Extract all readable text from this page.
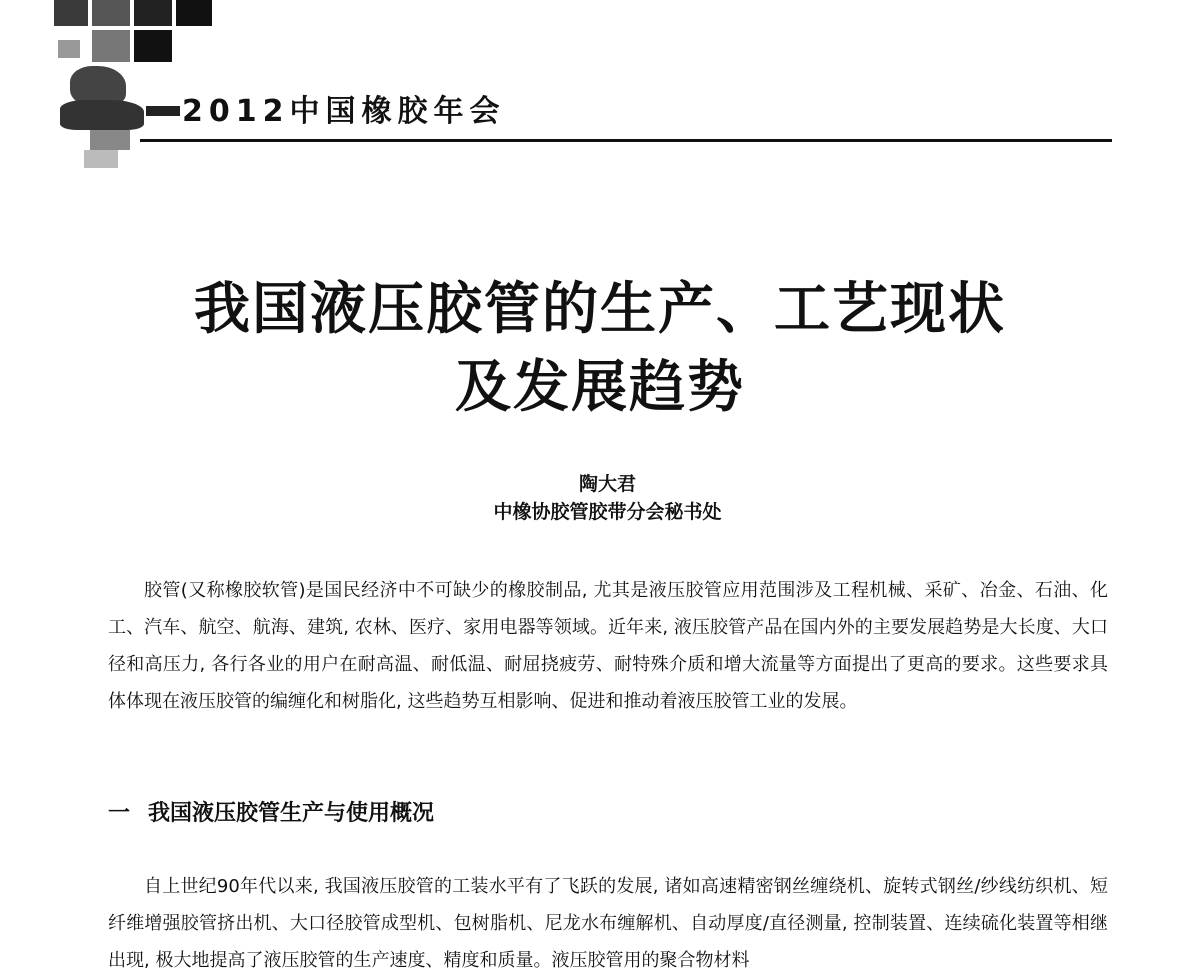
2012中国橡胶年会
我国液压胶管的生产、工艺现状
及发展趋势
陶大君
中橡协胶管胶带分会秘书处

胶管(又称橡胶软管)是国民经济中不可缺少的橡胶制品, 尤其是液压胶管应用范围涉及工程机械、采矿、冶金、石油、化工、汽车、航空、航海、建筑, 农林、医疗、家用电器等领域。近年来, 液压胶管产品在国内外的主要发展趋势是大长度、大口径和高压力, 各行各业的用户在耐高温、耐低温、耐屈挠疲劳、耐特殊介质和增大流量等方面提出了更高的要求。这些要求具体体现在液压胶管的编缠化和树脂化, 这些趋势互相影响、促进和推动着液压胶管工业的发展。

一 我国液压胶管生产与使用概况

自上世纪90年代以来, 我国液压胶管的工装水平有了飞跃的发展, 诸如高速精密钢丝缠绕机、旋转式钢丝/纱线纺织机、短纤维增强胶管挤出机、大口径胶管成型机、包树脂机、尼龙水布缠解机、自动厚度/直径测量, 控制装置、连续硫化装置等相继出现, 极大地提高了液压胶管的生产速度、精度和质量。液压胶管用的聚合物材料
